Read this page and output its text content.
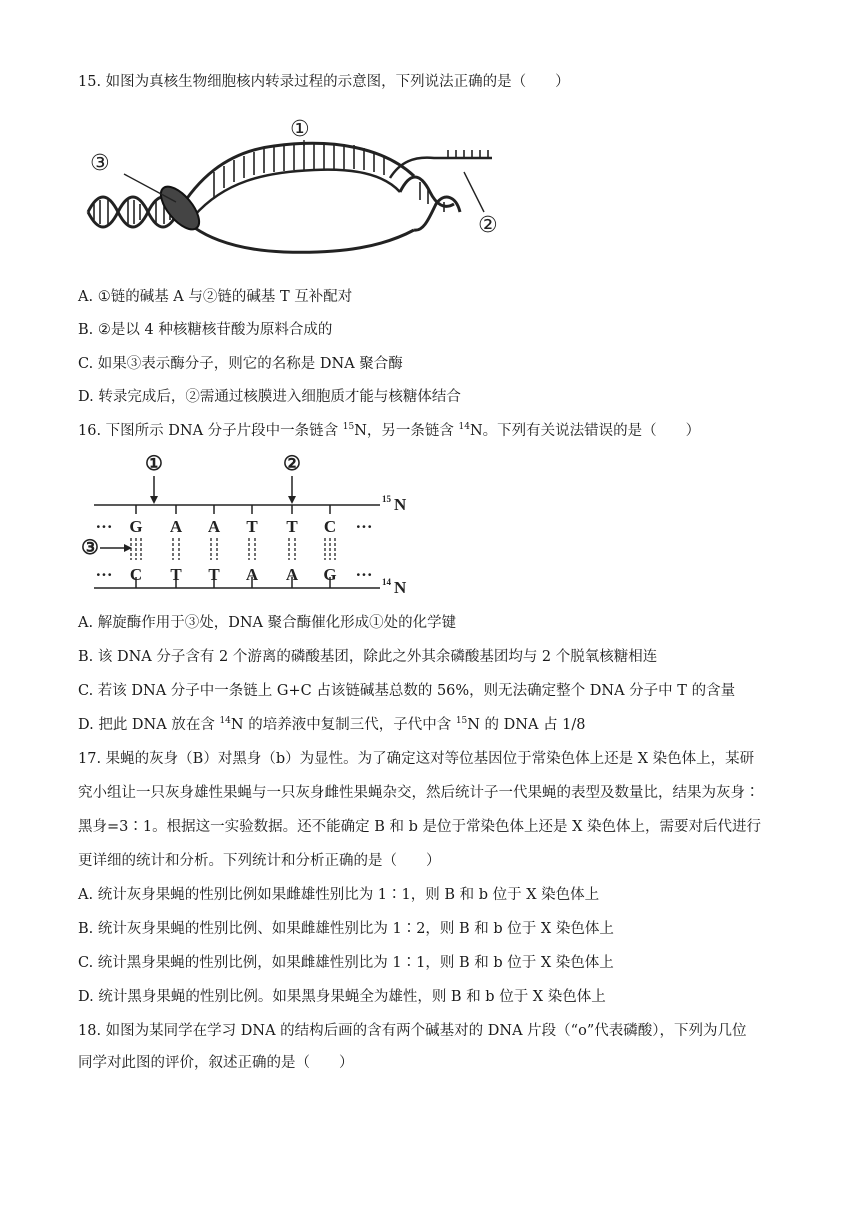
15. 如图为真核生物细胞核内转录过程的示意图，下列说法正确的是（　　）
①
②
③
A. ①链的碱基 A 与②链的碱基 T 互补配对
B. ②是以 4 种核糖核苷酸为原料合成的
C. 如果③表示酶分子，则它的名称是 DNA 聚合酶
D. 转录完成后，②需通过核膜进入细胞质才能与核糖体结合
16. 下图所示 DNA 分子片段中一条链含 $^{15}$N，另一条链含 $^{14}$N。下列有关说法错误的是（　　）
①	②
③
··· G A A T T C ···
··· C T T A A G ···
15 N
14 N
A. 解旋酶作用于③处，DNA 聚合酶催化形成①处的化学键
B. 该 DNA 分子含有 2 个游离的磷酸基团，除此之外其余磷酸基团均与 2 个脱氧核糖相连
C. 若该 DNA 分子中一条链上 G+C 占该链碱基总数的 56%，则无法确定整个 DNA 分子中 T 的含量
D. 把此 DNA 放在含 $^{14}$N 的培养液中复制三代，子代中含 $^{15}$N 的 DNA 占 1/8
17. 果蝇的灰身（B）对黑身（b）为显性。为了确定这对等位基因位于常染色体上还是 X 染色体上，某研
究小组让一只灰身雄性果蝇与一只灰身雌性果蝇杂交，然后统计子一代果蝇的表型及数量比，结果为灰身∶
黑身=3∶1。根据这一实验数据。还不能确定 B 和 b 是位于常染色体上还是 X 染色体上，需要对后代进行
更详细的统计和分析。下列统计和分析正确的是（　　）
A. 统计灰身果蝇的性别比例如果雌雄性别比为 1∶1，则 B 和 b 位于 X 染色体上
B. 统计灰身果蝇的性别比例、如果雌雄性别比为 1∶2，则 B 和 b 位于 X 染色体上
C. 统计黑身果蝇的性别比例，如果雌雄性别比为 1∶1，则 B 和 b 位于 X 染色体上
D. 统计黑身果蝇的性别比例。如果黑身果蝇全为雄性，则 B 和 b 位于 X 染色体上
18. 如图为某同学在学习 DNA 的结构后画的含有两个碱基对的 DNA 片段（“o”代表磷酸），下列为几位
同学对此图的评价，叙述正确的是（　　）
